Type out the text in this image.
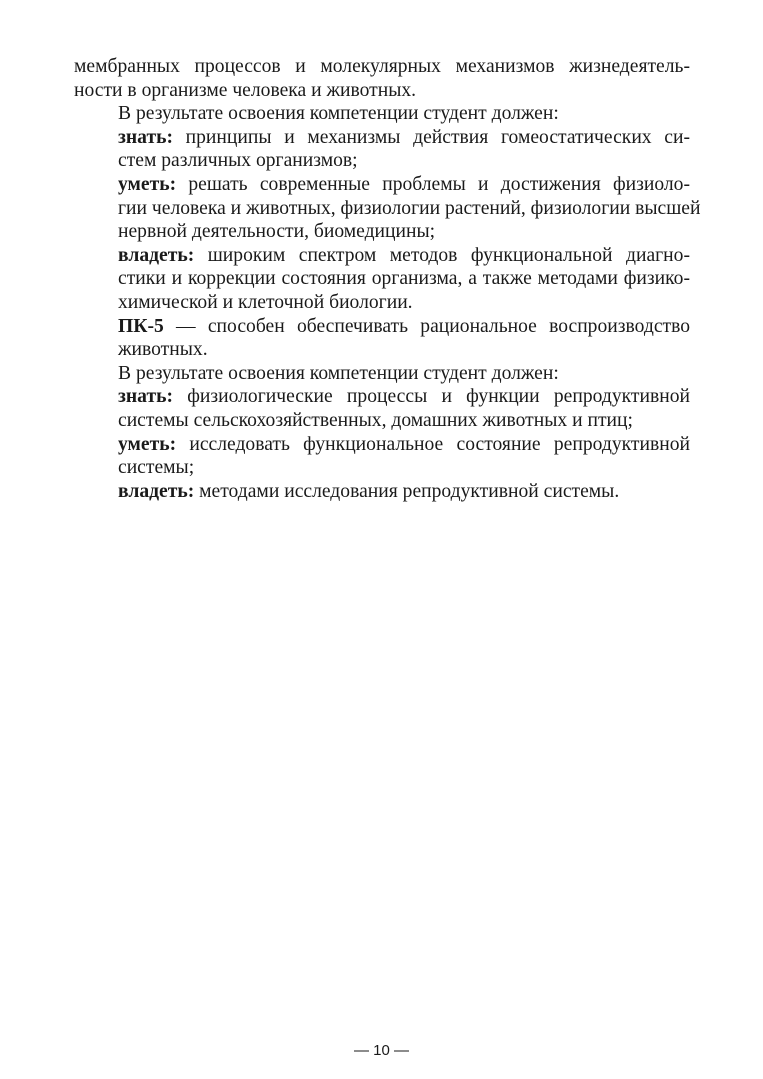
мембранных процессов и молекулярных механизмов жизнедеятель-
ности в организме человека и животных.

В результате освоения компетенции студент должен:

знать: принципы и механизмы действия гомеостатических си-
стем различных организмов;

уметь: решать современные проблемы и достижения физиоло-
гии человека и животных, физиологии растений, физиологии высшей
нервной деятельности, биомедицины;

владеть: широким спектром методов функциональной диагно-
стики и коррекции состояния организма, а также методами физико-
химической и клеточной биологии.

ПК-5 — способен обеспечивать рациональное воспроизводство
животных.

В результате освоения компетенции студент должен:

знать: физиологические процессы и функции репродуктивной
системы сельскохозяйственных, домашних животных и птиц;

уметь: исследовать функциональное состояние репродуктивной
системы;

владеть: методами исследования репродуктивной системы.

— 10 —
